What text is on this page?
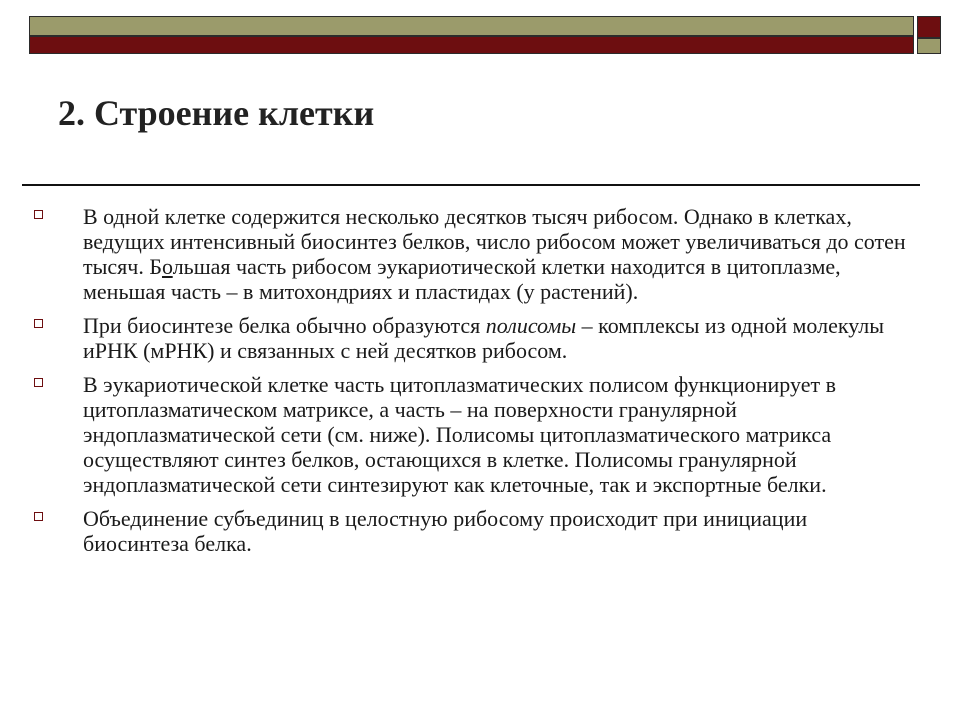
2. Строение клетки
В одной клетке содержится несколько десятков тысяч рибосом. Однако в клетках, ведущих интенсивный биосинтез белков, число рибосом может увеличиваться до сотен тысяч. Большая часть рибосом эукариотической клетки находится в цитоплазме, меньшая часть – в митохондриях и пластидах (у растений).
При биосинтезе белка обычно образуются полисомы – комплексы из одной молекулы иРНК (мРНК) и связанных с ней десятков рибосом.
В эукариотической клетке часть цитоплазматических полисом функционирует в цитоплазматическом матриксе, а часть – на поверхности гранулярной эндоплазматической сети (см. ниже). Полисомы цитоплазматического матрикса осуществляют синтез белков, остающихся в клетке. Полисомы гранулярной эндоплазматической сети синтезируют как клеточные, так и экспортные белки.
Объединение субъединиц в целостную рибосому происходит при инициации биосинтеза белка.
